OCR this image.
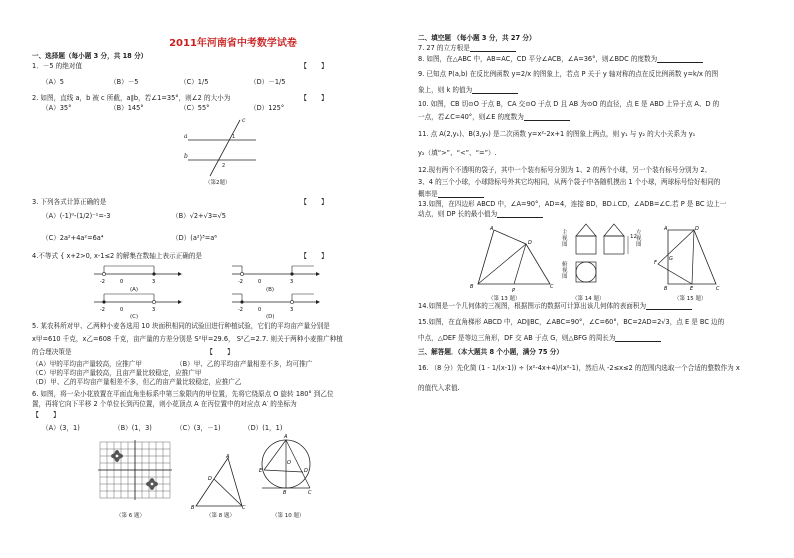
2011年河南省中考数学试卷
一、选择题（每小题 3 分，共 18 分）
1．－5 的绝对值	【　　】
（A）5	（B）－5	（C）1/5	（D）－1/5
2. 如图，直线 a，b 被 c 所截，a∥b，若∠1=35°，则∠2 的大小为	【　　】
（A）35°	（B）145°	（C）55°	（D）125°
a
b
c
1
2
（第2题）
3. 下列各式计算正确的是	【　　】
（A）(-1)⁰-(1/2)⁻¹=-3	（B）√2+√3=√5
（C）2a²+4a²=6a⁴	（D）(a²)³=a⁶
4.不等式 { x+2>0, x-1≤2 的解集在数轴上表示正确的是	【　　】
-2	0	3
(A)
-2	0	3
(B)
-2	0	3
(C)
-2	0	3
(D)
5. 某农科所对甲、乙两种小麦各选用 10 块面积相同的试验田进行种植试验，它们的平均亩产量分别是
x甲=610 千克，x乙=608 千克，亩产量的方差分别是 S²甲=29.6， S²乙=2.7. 则关于两种小麦推广种植
的合理决策是	【　　】
（A）甲的平均亩产量较高，应推广甲	（B）甲、乙的平均亩产量相差不多，均可推广
（C）甲的平均亩产量较高，且亩产量比较稳定，应推广甲
（D）甲、乙的平均亩产量相差不多，但乙的亩产量比较稳定，应推广乙
6. 如图，将一朵小花放置在平面直角坐标系中第三象限内的甲位置，先将它绕原点 O 旋转 180° 到乙位
置，再将它向下平移 2 个单位长到丙位置，则小花顶点 A 在丙位置中的对应点 A′ 的坐标为
【　　】
（A）(3，1)	（B）(1，3)	（C）(3，－1)	（D）(1，1)
（第 6 题）
A
D
B	C
（第 8 题）
A
O
E	D
B	C
（第 10 题）
二、填空题 （每小题 3 分，共 27 分）
7. 27 的立方根是
8. 如图，在△ABC 中，AB=AC，CD 平分∠ACB，∠A=36°，则∠BDC 的度数为
9. 已知点 P(a,b) 在反比例函数 y=2/x 的图象上，若点 P 关于 y 轴对称的点在反比例函数 y=k/x 的图
象上，则 k 的值为
10. 如图，CB 切⊙O 于点 B，CA 交⊙O 于点 D 且 AB 为⊙O 的直径，点 E 是 ABD 上异于点 A、D 的
一点，若∠C=40°，则∠E 的度数为
11. 点 A(2,y₁)、B(3,y₂) 是二次函数 y=x²-2x+1 的图象上两点，则 y₁ 与 y₂ 的大小关系为 y₁
y₂（填“>”、“<”、“=”）.
12.现有两个不透明的袋子，其中一个装有标号分别为 1、2 的两个小球，另一个装有标号分别为 2、
3、4 的三个小球，小球除标号外其它均相同，从两个袋子中各随机摸出 1 个小球，两球标号恰好相同的
概率是
13.如图，在四边形 ABCD 中，∠A=90°，AD=4，连接 BD，BD⊥CD，∠ADB=∠C.若 P 是 BC 边上一
动点，则 DP 长的最小值为
A
D
B
P
C
（第 13 题）
主视图
俯视图
左视图
12
（第 14 题）
A	D
F
G
B	E	C
（第 15 题）
14.如图是一个几何体的三视图，根据图示的数据可计算出该几何体的表面积为
15.如图，在直角梯形 ABCD 中，AD∥BC，∠ABC=90°，∠C=60°，BC=2AD=2√3，点 E 是 BC 边的
中点，△DEF 是等边三角形，DF 交 AB 于点 G，则△BFG 的周长为
三、解答题．（本大题共 8 个小题，满分 75 分）
16. （8 分）先化简 (1 - 1/(x-1)) ÷ (x²-4x+4)/(x²-1)，然后从 -2≤x≤2 的范围内选取一个合适的整数作为 x
的值代入求值.
